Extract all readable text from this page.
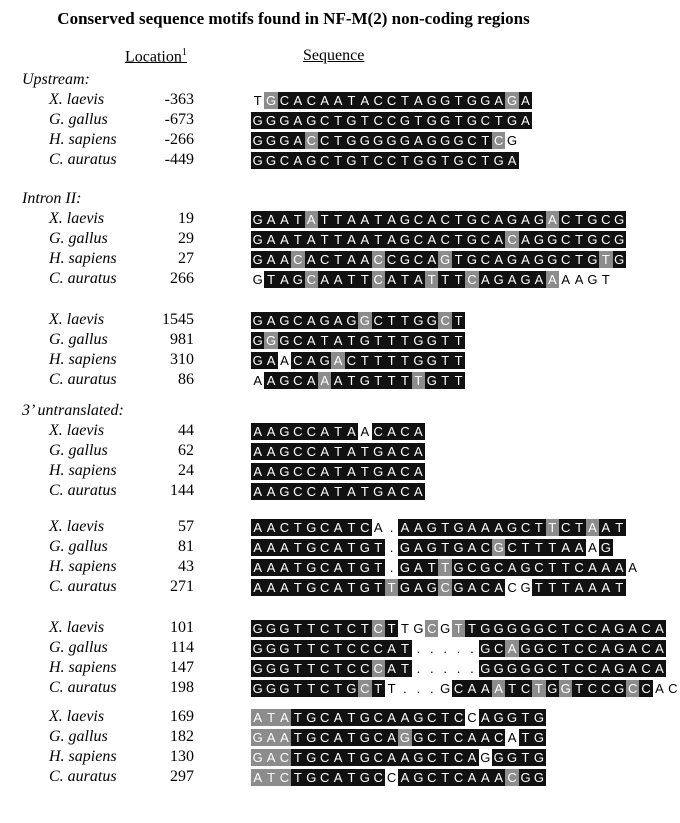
Conserved sequence motifs found in NF-M(2) non-coding regions
Location$^1$	Sequence
Upstream:
X. laevis	-363	T G C A C A A T A C C T A G G T G G A G A
G. gallus	-673	G G G A G C T G T C C G T G G T G C T G A
H. sapiens	-266	G G G A C C T G G G G G A G G G C T C G
C. auratus	-449	G G C A G C T G T C C T G G T G C T G A
Intron II:
X. laevis	19	G A A T A T T A A T A G C A C T G C A G A G A C T G C G
G. gallus	29	G A A T A T T A A T A G C A C T G C A C A G G C T G C G
H. sapiens	27	G A A C A C T A A C C G C A G T G C A G A G G C T G T G
C. auratus	266	G T A G C A A T T C A T A T T T C A G A G A A A A G T
X. laevis	1545	G A G C A G A G G C T T G G C T
G. gallus	981	G G G C A T A T G T T T G G T T
H. sapiens	310	G A A C A G A C T T T T G G T T
C. auratus	86	A A G C A A A T G T T T T G T T
3’ untranslated:
X. laevis	44	A A G C C A T A A C A C A
G. gallus	62	A A G C C A T A T G A C A
H. sapiens	24	A A G C C A T A T G A C A
C. auratus	144	A A G C C A T A T G A C A
X. laevis	57	A A C T G C A T C A . A A G T G A A A G C T T C T A A T
G. gallus	81	A A A T G C A T G T . G A G T G A C G C T T T A A A G
H. sapiens	43	A A A T G C A T G T . G A T T G C G C A G C T T C A A A A
C. auratus	271	A A A T G C A T G T T G A G C G A C A C G T T T A A A T
X. laevis	101	G G G T T C T C T C T T G C G T T G G G G G C T C C A G A C A
G. gallus	114	G G G T T C T C C C A T . . . . . G C A G G C T C C A G A C A
H. sapiens	147	G G G T T C T C C C A T . . . . . G G G G G C T C C A G A C A
C. auratus	198	G G G T T C T G C T T . . . G C A A A T C T G G T C C G C C A C
X. laevis	169	A T A T G C A T G C A A G C T C C A G G T G
G. gallus	182	G A A T G C A T G C A G G C T C A A C A T G
H. sapiens	130	G A C T G C A T G C A A G C T C A G G G T G
C. auratus	297	A T C T G C A T G C C A G C T C A A A C G G
